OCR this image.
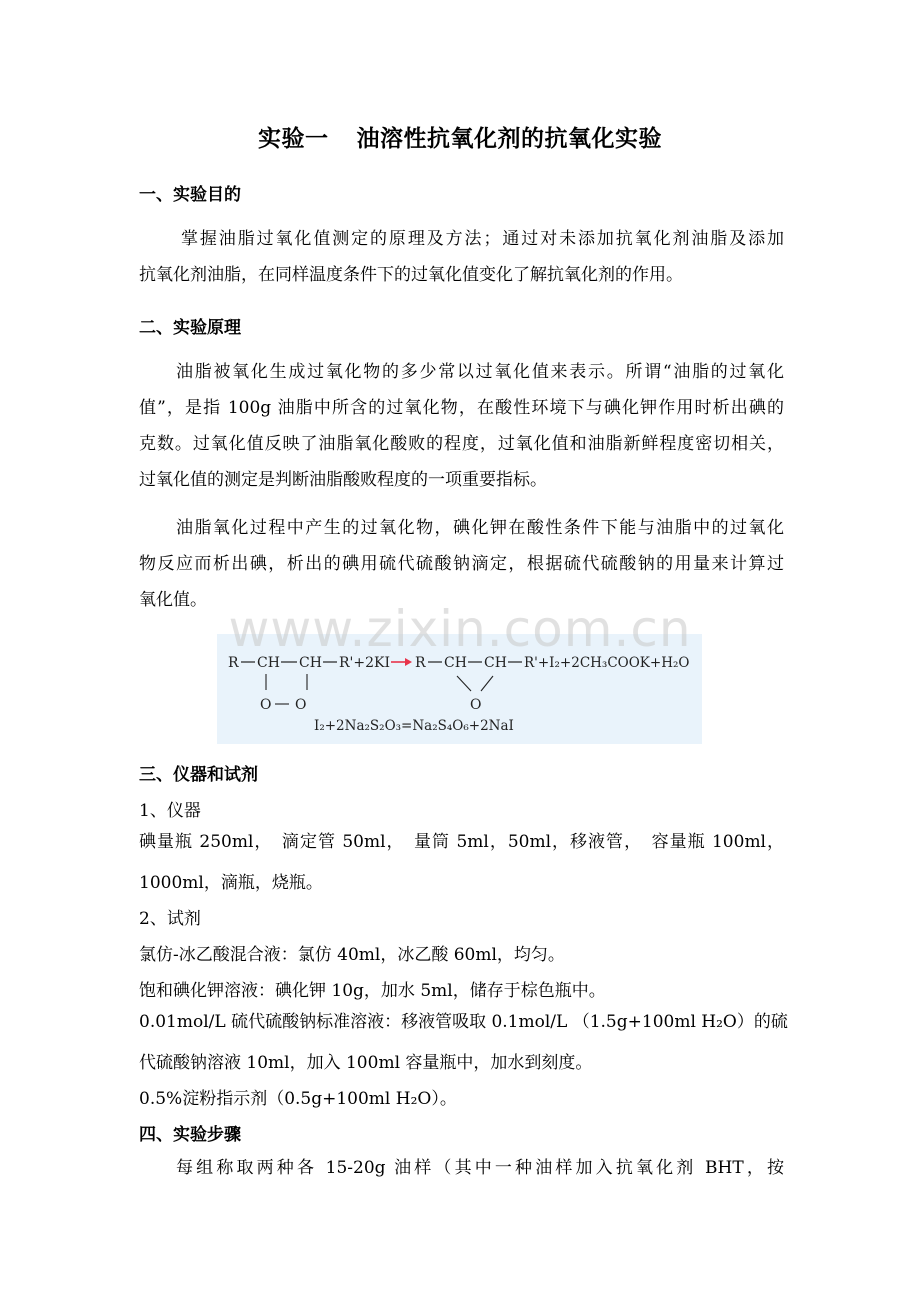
实验一 油溶性抗氧化剂的抗氧化实验
一、实验目的
掌握油脂过氧化值测定的原理及方法；通过对未添加抗氧化剂油脂及添加
抗氧化剂油脂，在同样温度条件下的过氧化值变化了解抗氧化剂的作用。
二、实验原理
油脂被氧化生成过氧化物的多少常以过氧化值来表示。所谓“油脂的过氧化
值”，是指 100g 油脂中所含的过氧化物，在酸性环境下与碘化钾作用时析出碘的
克数。过氧化值反映了油脂氧化酸败的程度，过氧化值和油脂新鲜程度密切相关，
过氧化值的测定是判断油脂酸败程度的一项重要指标。
油脂氧化过程中产生的过氧化物，碘化钾在酸性条件下能与油脂中的过氧化
物反应而析出碘，析出的碘用硫代硫酸钠滴定，根据硫代硫酸钠的用量来计算过
氧化值。
R CH CH R'+2KI R CH CH R'+I₂+2CH₃COOK+H₂O
O O	O
I₂+2Na₂S₂O₃=Na₂S₄O₆+2NaI
www.zixin.com.cn
三、仪器和试剂
1、仪器
碘量瓶 250ml，　滴定管 50ml，　量筒 5ml，50ml，移液管，　容量瓶 100ml，
1000ml，滴瓶，烧瓶。
2、试剂
氯仿-冰乙酸混合液：氯仿 40ml，冰乙酸 60ml，均匀。
饱和碘化钾溶液：碘化钾 10g，加水 5ml，储存于棕色瓶中。
0.01mol/L 硫代硫酸钠标准溶液：移液管吸取 0.1mol/L （1.5g+100ml H₂O）的硫
代硫酸钠溶液 10ml，加入 100ml 容量瓶中，加水到刻度。
0.5%淀粉指示剂（0.5g+100ml H₂O）。
四、实验步骤
每组称取两种各 15-20g 油样（其中一种油样加入抗氧化剂 BHT，按
